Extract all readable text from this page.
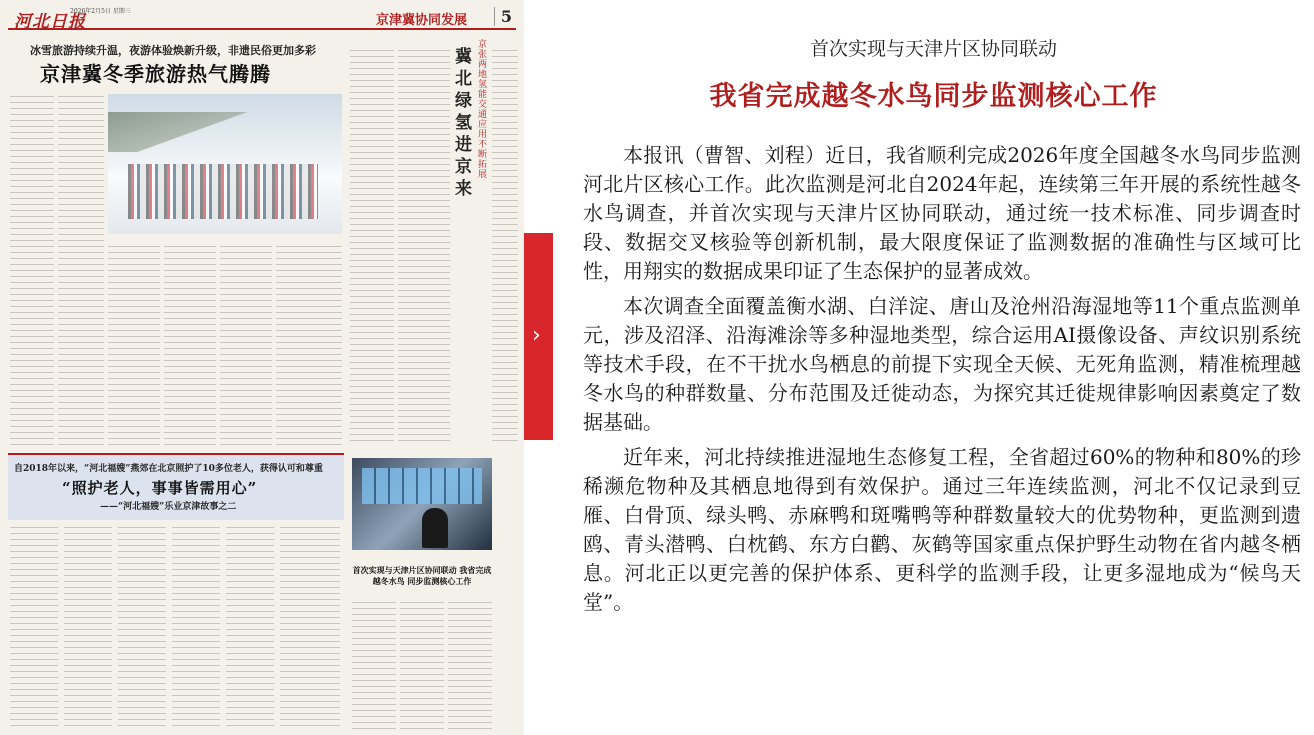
河北日报
2026年2月5日 星期三
京津冀协同发展	5
冰雪旅游持续升温，夜游体验焕新升级，非遗民俗更加多彩
京津冀冬季旅游热气腾腾
冀北绿氢进京来
京张两地氢能交通应用不断拓展
自2018年以来，“河北福嫂”燕郊在北京照护了10多位老人，获得认可和尊重
“照护老人，事事皆需用心”
——“河北福嫂”乐业京津故事之二
首次实现与天津片区协同联动 我省完成越冬水鸟 同步监测核心工作
›
首次实现与天津片区协同联动
我省完成越冬水鸟同步监测核心工作

本报讯（曹智、刘程）近日，我省顺利完成2026年度全国越冬水鸟同步监测河北片区核心工作。此次监测是河北自2024年起，连续第三年开展的系统性越冬水鸟调查，并首次实现与天津片区协同联动，通过统一技术标准、同步调查时段、数据交叉核验等创新机制，最大限度保证了监测数据的准确性与区域可比性，用翔实的数据成果印证了生态保护的显著成效。

本次调查全面覆盖衡水湖、白洋淀、唐山及沧州沿海湿地等11个重点监测单元，涉及沼泽、沿海滩涂等多种湿地类型，综合运用AI摄像设备、声纹识别系统等技术手段，在不干扰水鸟栖息的前提下实现全天候、无死角监测，精准梳理越冬水鸟的种群数量、分布范围及迁徙动态，为探究其迁徙规律影响因素奠定了数据基础。

近年来，河北持续推进湿地生态修复工程，全省超过60%的物种和80%的珍稀濒危物种及其栖息地得到有效保护。通过三年连续监测，河北不仅记录到豆雁、白骨顶、绿头鸭、赤麻鸭和斑嘴鸭等种群数量较大的优势物种，更监测到遗鸥、青头潜鸭、白枕鹤、东方白鹳、灰鹤等国家重点保护野生动物在省内越冬栖息。河北正以更完善的保护体系、更科学的监测手段，让更多湿地成为“候鸟天堂”。
